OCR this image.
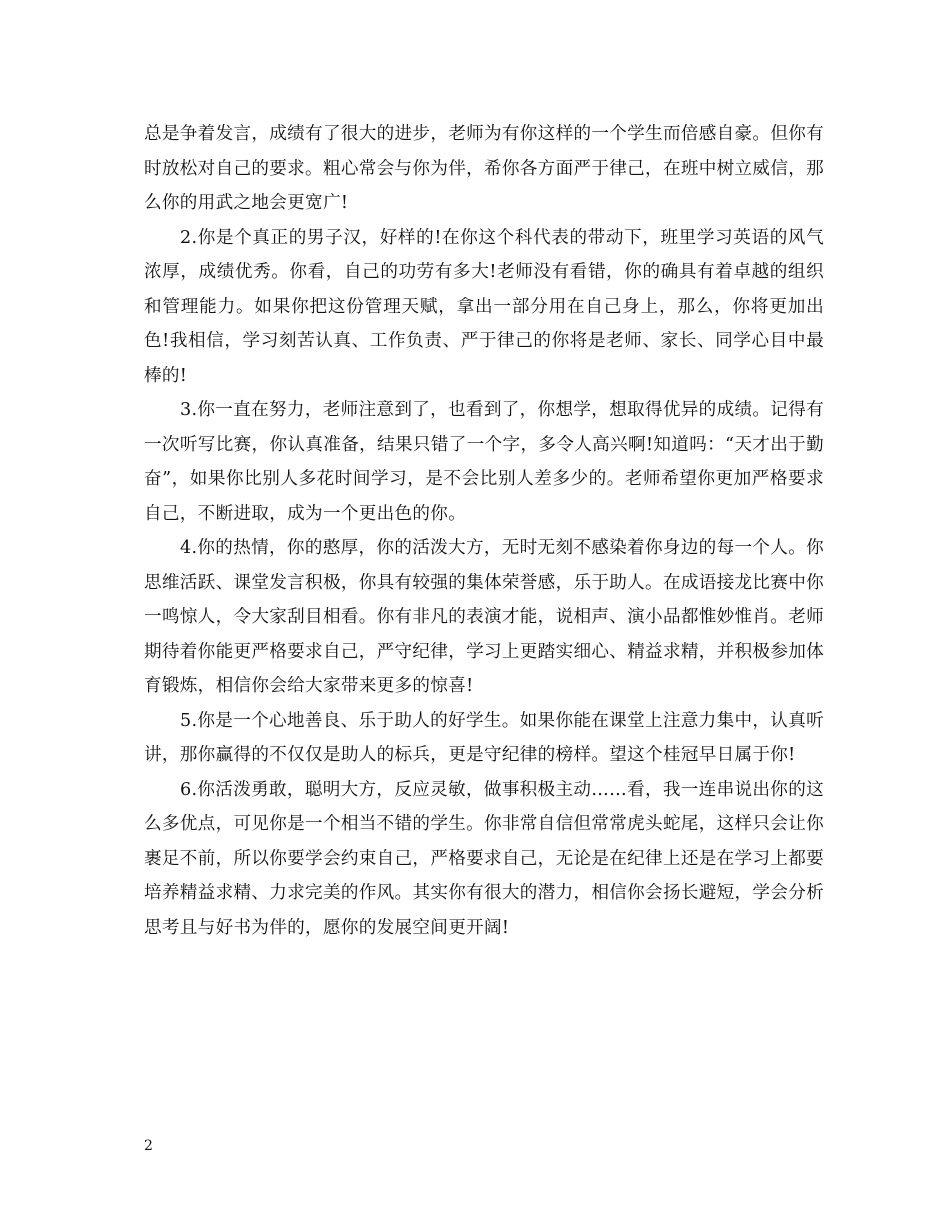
总是争着发言，成绩有了很大的进步，老师为有你这样的一个学生而倍感自豪。但你有时放松对自己的要求。粗心常会与你为伴，希你各方面严于律己，在班中树立威信，那么你的用武之地会更宽广!

2.你是个真正的男子汉，好样的!在你这个科代表的带动下，班里学习英语的风气浓厚，成绩优秀。你看，自己的功劳有多大!老师没有看错，你的确具有着卓越的组织和管理能力。如果你把这份管理天赋，拿出一部分用在自己身上，那么，你将更加出色!我相信，学习刻苦认真、工作负责、严于律己的你将是老师、家长、同学心目中最棒的!

3.你一直在努力，老师注意到了，也看到了，你想学，想取得优异的成绩。记得有一次听写比赛，你认真准备，结果只错了一个字，多令人高兴啊!知道吗：“天才出于勤奋”，如果你比别人多花时间学习，是不会比别人差多少的。老师希望你更加严格要求自己，不断进取，成为一个更出色的你。

4.你的热情，你的憨厚，你的活泼大方，无时无刻不感染着你身边的每一个人。你思维活跃、课堂发言积极，你具有较强的集体荣誉感，乐于助人。在成语接龙比赛中你一鸣惊人，令大家刮目相看。你有非凡的表演才能，说相声、演小品都惟妙惟肖。老师期待着你能更严格要求自己，严守纪律，学习上更踏实细心、精益求精，并积极参加体育锻炼，相信你会给大家带来更多的惊喜!

5.你是一个心地善良、乐于助人的好学生。如果你能在课堂上注意力集中，认真听讲，那你赢得的不仅仅是助人的标兵，更是守纪律的榜样。望这个桂冠早日属于你!

6.你活泼勇敢，聪明大方，反应灵敏，做事积极主动……看，我一连串说出你的这么多优点，可见你是一个相当不错的学生。你非常自信但常常虎头蛇尾，这样只会让你裹足不前，所以你要学会约束自己，严格要求自己，无论是在纪律上还是在学习上都要培养精益求精、力求完美的作风。其实你有很大的潜力，相信你会扬长避短，学会分析思考且与好书为伴的，愿你的发展空间更开阔!

2
